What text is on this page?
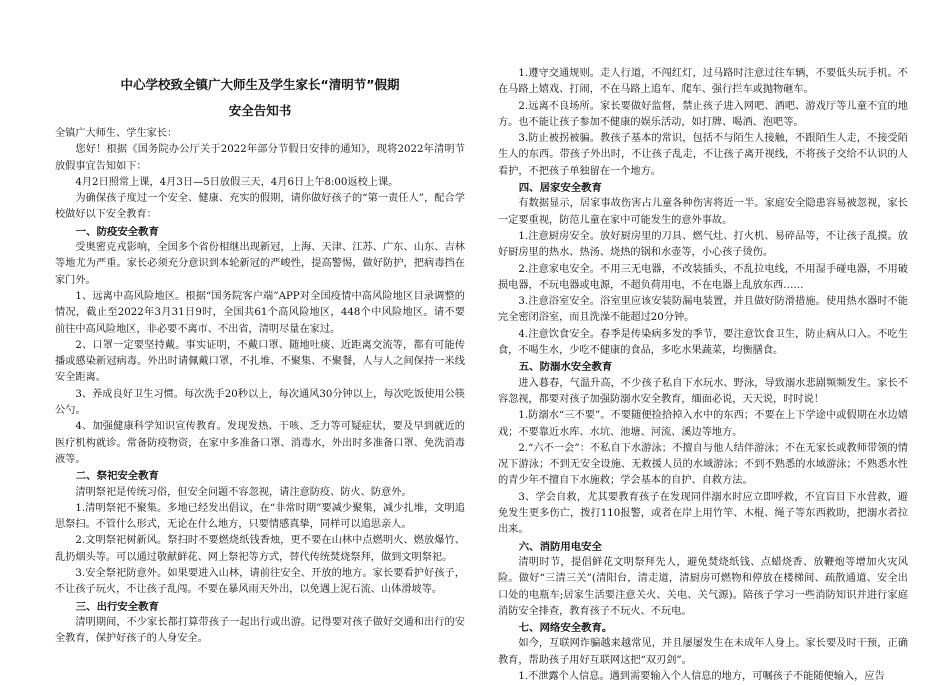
中心学校致全镇广大师生及学生家长“清明节”假期
安全告知书

全镇广大师生、学生家长：

您好！根据《国务院办公厅关于2022年部分节假日安排的通知》，现将2022年清明节放假事宜告知如下：

4月2日照常上课，4月3日—5日放假三天，4月6日上午8:00返校上课。

为确保孩子度过一个安全、健康、充实的假期，请你做好孩子的“第一责任人”，配合学校做好以下安全教育：

一、防疫安全教育

受奥密克戎影响，全国多个省份相继出现新冠，上海、天津、江苏、广东、山东、吉林等地尤为严重。家长必须充分意识到本轮新冠的严峻性，提高警惕，做好防护，把病毒挡在家门外。

1、远离中高风险地区。根据“国务院客户端”APP对全国疫情中高风险地区目录调整的情况，截止至2022年3月31日9时，全国共61个高风险地区，448个中风险地区。请不要前往中高风险地区，非必要不离市、不出省，清明尽量在家过。

2、口罩一定要坚持戴。事实证明，不戴口罩、随地吐痰、近距离交流等，都有可能传播或感染新冠病毒。外出时请佩戴口罩，不扎堆、不聚集、不聚餐，人与人之间保持一米线安全距离。

3、养成良好卫生习惯。每次洗手20秒以上，每次通风30分钟以上，每次吃饭使用公筷公勺。

4、加强健康科学知识宣传教育。发现发热、干咳、乏力等可疑症状，要及早到就近的医疗机构就诊。常备防疫物资，在家中多准备口罩、消毒水，外出时多准备口罩、免洗消毒液等。

二、祭祀安全教育

清明祭祀是传统习俗，但安全问题不容忽视，请注意防疫、防火、防意外。

1.清明祭祀不聚集。多地已经发出倡议，在“非常时期”要减少聚集，减少扎堆，文明追思祭扫。不管什么形式，无论在什么地方，只要情感真挚，同样可以追思亲人。

2.文明祭祀树新风。祭扫时不要燃烧纸钱香烛，更不要在山林中点燃明火、燃放爆竹、乱扔烟头等。可以通过敬献鲜花、网上祭祀等方式，替代传统焚烧祭拜，做到文明祭祀。

3.安全祭祀防意外。如果要进入山林，请前往安全、开放的地方。家长要看护好孩子，不让孩子玩火，不让孩子乱闯。不要在暴风雨天外出，以免遇上泥石流、山体滑坡等。

三、出行安全教育

清明期间，不少家长都打算带孩子一起出行或出游。记得要对孩子做好交通和出行的安全教育，保护好孩子的人身安全。

1.遵守交通规则。走人行道，不闯红灯，过马路时注意过往车辆，不要低头玩手机。不在马路上嬉戏、打闹，不在马路上追车、爬车、强行拦车或抛物砸车。

2.远离不良场所。家长要做好监督，禁止孩子进入网吧、酒吧、游戏厅等儿童不宜的地方。也不能让孩子参加不健康的娱乐活动，如打牌、喝酒、泡吧等。

3.防止被拐被骗。教孩子基本的常识，包括不与陌生人接触，不跟陌生人走，不接受陌生人的东西。带孩子外出时，不让孩子乱走，不让孩子离开视线，不将孩子交给不认识的人看护，不把孩子单独留在一个地方。

四、居家安全教育

有数据显示，居家事故伤害占儿童各种伤害将近一半。家庭安全隐患容易被忽视，家长一定要重视，防范儿童在家中可能发生的意外事故。

1.注意厨房安全。放好厨房里的刀具、燃气灶、打火机、易碎品等，不让孩子乱摸。放好厨房里的热水、热汤、烧热的锅和水壶等，小心孩子烫伤。

2.注意家电安全。不用三无电器，不改装插头，不乱拉电线，不用湿手碰电器，不用破损电器，不玩电器或电源，不超负荷用电，不在电器上乱放东西……

3.注意浴室安全。浴室里应该安装防漏电装置，并且做好防滑措施。使用热水器时不能完全密闭浴室，而且洗澡不能超过20分钟。

4.注意饮食安全。春季是传染病多发的季节，要注意饮食卫生，防止病从口入。不吃生食，不喝生水，少吃不健康的食品，多吃水果蔬菜，均衡膳食。

五、防溺水安全教育

进入暮春，气温升高，不少孩子私自下水玩水、野泳，导致溺水悲剧频频发生。家长不容忽视，都要对孩子加强防溺水安全教育，缅面必说，天天说，时时说！

1.防溺水“三不要”。不要随便捡拾掉入水中的东西；不要在上下学途中或假期在水边嬉戏；不要靠近水库、水坑、池塘、河流、溪边等地方。

2.“六不一会”：不私自下水游泳；不擅自与他人结伴游泳；不在无家长或教师带领的情况下游泳；不到无安全设施、无救援人员的水域游泳；不到不熟悉的水域游泳；不熟悉水性的青少年不擅自下水施救；学会基本的自护、自救方法。

3、学会自救，尤其要教育孩子在发现同伴溺水时应立即呼救，不宜盲目下水营救，避免发生更多伤亡，拨打110报警，或者在岸上用竹竿、木棍、绳子等东西救助，把溺水者拉出来。

六、消防用电安全

清明时节，提倡鲜花文明祭拜先人，避免焚烧纸钱、点蜡烧香、放鞭炮等增加火灾风险。做好“三清三关”(清阳台，清走道，清厨房可燃物和停放在楼梯间、疏散通道、安全出口处的电瓶车;居家生活要注意关火、关电、关气源)。陪孩子学习一些消防知识并进行家庭消防安全排查，教育孩子不玩火、不玩电。

七、网络安全教育。

如今，互联网诈骗越来越常见，并且屡屡发生在未成年人身上。家长要及时干预，正确教育，帮助孩子用好互联网这把“双刃剑”。

1.不泄露个人信息。遇到需要输入个人信息的地方，可嘱孩子不能随便输入，应告
